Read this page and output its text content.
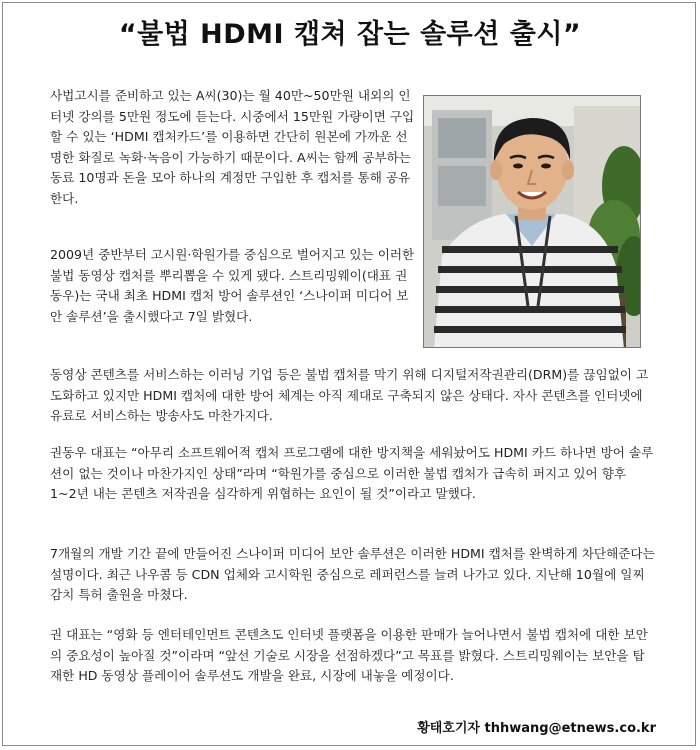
“불법 HDMI 캡쳐 잡는 솔루션 출시”

사법고시를 준비하고 있는 A씨(30)는 월 40만~50만원 내외의 인터넷 강의를 5만원 정도에 듣는다. 시중에서 15만원 가량이면 구입할 수 있는 ‘HDMI 캡처카드’를 이용하면 간단히 원본에 가까운 선명한 화질로 녹화·녹음이 가능하기 때문이다. A씨는 함께 공부하는 동료 10명과 돈을 모아 하나의 계정만 구입한 후 캡처를 통해 공유한다.

2009년 중반부터 고시원·학원가를 중심으로 벌어지고 있는 이러한 불법 동영상 캡처를 뿌리뽑을 수 있게 됐다. 스트리밍웨이(대표 권동우)는 국내 최초 HDMI 캡처 방어 솔루션인 ‘스나이퍼 미디어 보안 솔루션’을 출시했다고 7일 밝혔다.

동영상 콘텐츠를 서비스하는 이러닝 기업 등은 불법 캡처를 막기 위해 디지털저작권관리(DRM)를 끊임없이 고도화하고 있지만 HDMI 캡처에 대한 방어 체계는 아직 제대로 구축되지 않은 상태다. 자사 콘텐츠를 인터넷에 유료로 서비스하는 방송사도 마찬가지다.

권동우 대표는 “아무리 소프트웨어적 캡처 프로그램에 대한 방지책을 세워놨어도 HDMI 카드 하나면 방어 솔루션이 없는 것이나 마찬가지인 상태”라며 “학원가를 중심으로 이러한 불법 캡처가 급속히 퍼지고 있어 향후 1~2년 내는 콘텐츠 저작권을 심각하게 위협하는 요인이 될 것”이라고 말했다.

7개월의 개발 기간 끝에 만들어진 스나이퍼 미디어 보안 솔루션은 이러한 HDMI 캡처를 완벽하게 차단해준다는 설명이다. 최근 나우콤 등 CDN 업체와 고시학원 중심으로 레퍼런스를 늘려 나가고 있다. 지난해 10월에 일찌감치 특허 출원을 마쳤다.

권 대표는 “영화 등 엔터테인먼트 콘텐츠도 인터넷 플랫폼을 이용한 판매가 늘어나면서 불법 캡처에 대한 보안의 중요성이 높아질 것”이라며 “앞선 기술로 시장을 선점하겠다”고 목표를 밝혔다. 스트리밍웨이는 보안을 탑재한 HD 동영상 플레이어 솔루션도 개발을 완료, 시장에 내놓을 예정이다.

황태호기자 thhwang@etnews.co.kr
